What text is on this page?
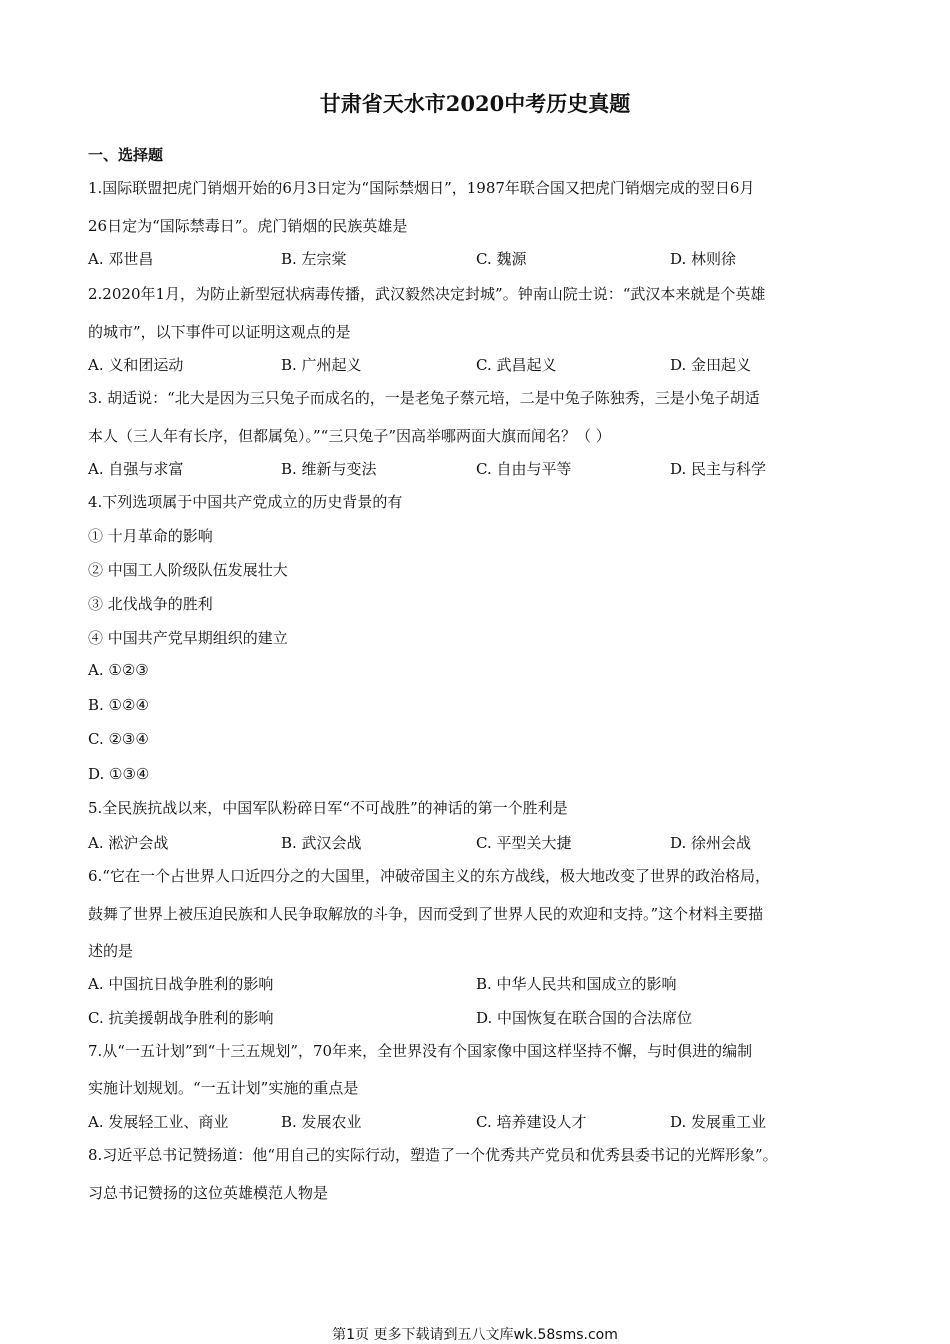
甘肃省天水市2020中考历史真题
一、选择题
1.国际联盟把虎门销烟开始的6月3日定为“国际禁烟日”，1987年联合国又把虎门销烟完成的翌日6月
26日定为“国际禁毒日”。虎门销烟的民族英雄是
A. 邓世昌	B. 左宗棠	C. 魏源	D. 林则徐
2.2020年1月，为防止新型冠状病毒传播，武汉毅然决定封城”。钟南山院士说：“武汉本来就是个英雄
的城市”，以下事件可以证明这观点的是
A. 义和团运动	B. 广州起义	C. 武昌起义	D. 金田起义
3. 胡适说：“北大是因为三只兔子而成名的，一是老兔子蔡元培，二是中兔子陈独秀，三是小兔子胡适
本人（三人年有长序，但都属兔）。”“三只兔子”因高举哪两面大旗而闻名？（ ）
A. 自强与求富	B. 维新与变法	C. 自由与平等	D. 民主与科学
4.下列选项属于中国共产党成立的历史背景的有
① 十月革命的影响
② 中国工人阶级队伍发展壮大
③ 北伐战争的胜利
④ 中国共产党早期组织的建立
A. ①②③
B. ①②④
C. ②③④
D. ①③④
5.全民族抗战以来，中国军队粉碎日军“不可战胜”的神话的第一个胜利是
A. 淞沪会战	B. 武汉会战	C. 平型关大捷	D. 徐州会战
6.“它在一个占世界人口近四分之的大国里，冲破帝国主义的东方战线，极大地改变了世界的政治格局，
鼓舞了世界上被压迫民族和人民争取解放的斗争，因而受到了世界人民的欢迎和支持。”这个材料主要描
述的是
A. 中国抗日战争胜利的影响	B. 中华人民共和国成立的影响
C. 抗美援朝战争胜利的影响	D. 中国恢复在联合国的合法席位
7.从“一五计划”到“十三五规划”，70年来，全世界没有个国家像中国这样坚持不懈，与时俱进的编制
实施计划规划。“一五计划”实施的重点是
A. 发展轻工业、商业	B. 发展农业	C. 培养建设人才	D. 发展重工业
8.习近平总书记赞扬道：他“用自己的实际行动，塑造了一个优秀共产党员和优秀县委书记的光辉形象”。
习总书记赞扬的这位英雄模范人物是
第1页 更多下载请到五八文库wk.58sms.com
